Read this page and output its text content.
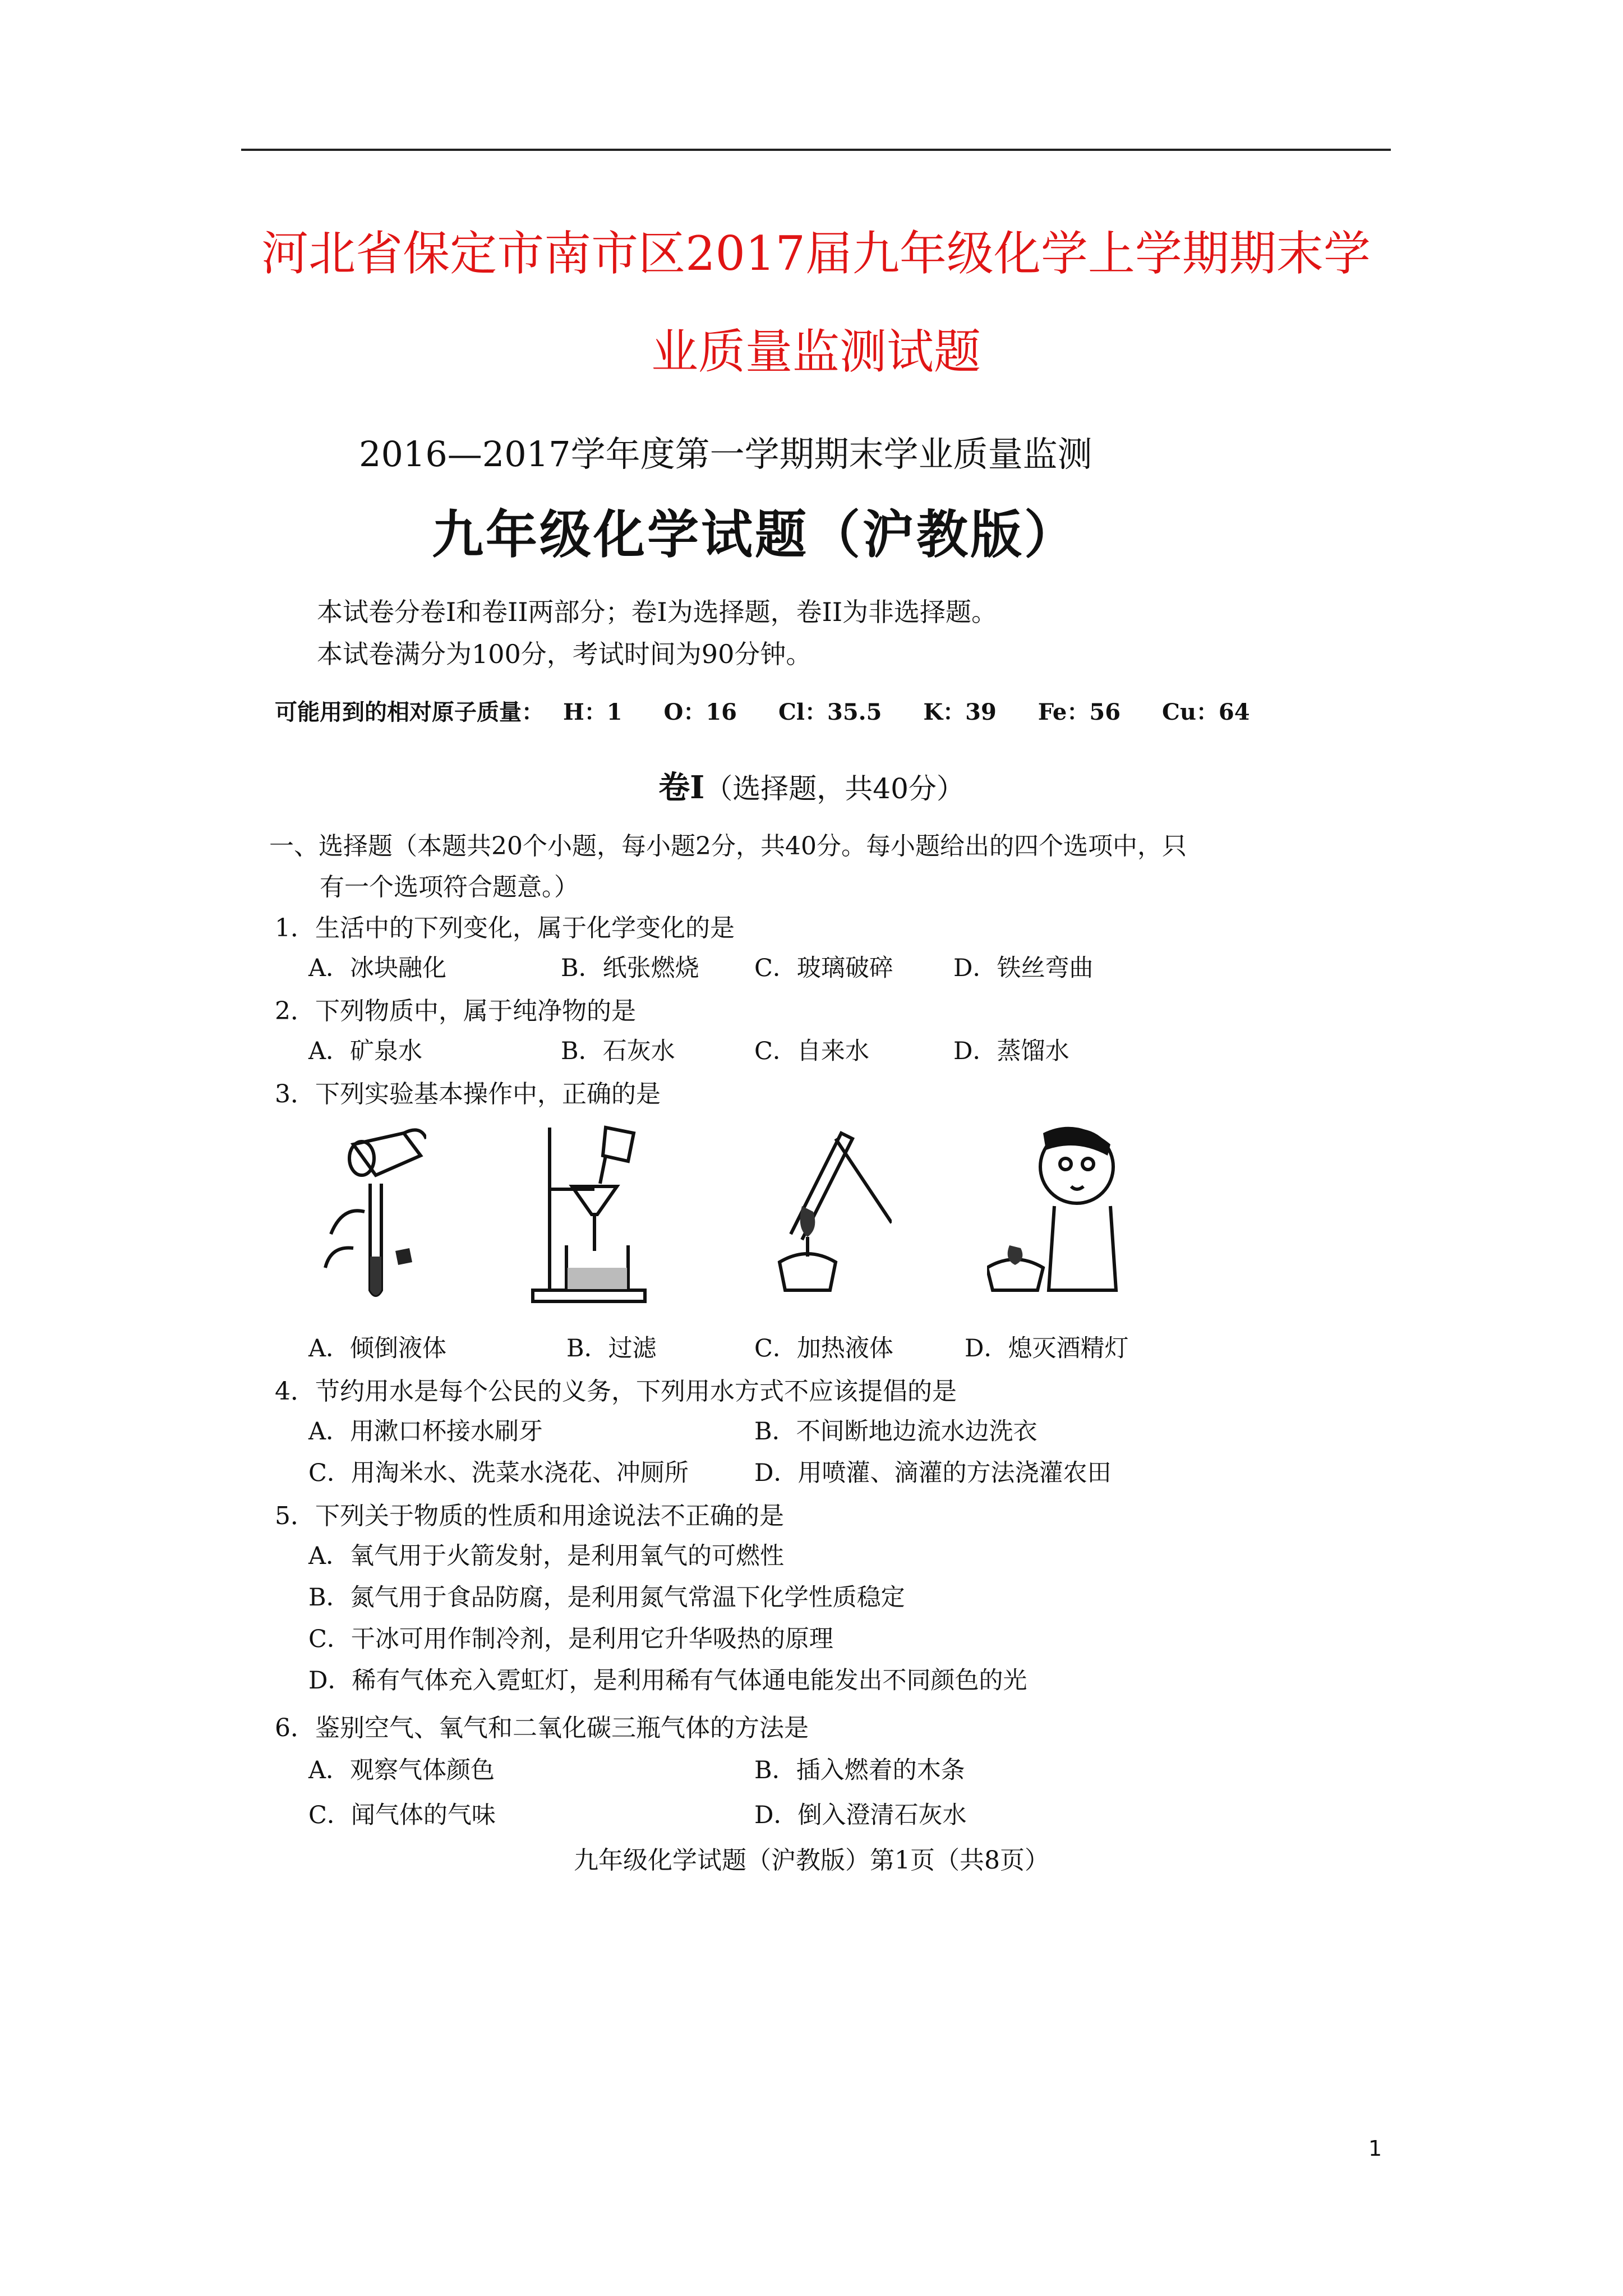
河北省保定市南市区2017届九年级化学上学期期末学业质量监测试题
2016—2017学年度第一学期期末学业质量监测
九年级化学试题（沪教版）
本试卷分卷I和卷II两部分；卷I为选择题，卷II为非选择题。
本试卷满分为100分，考试时间为90分钟。
可能用到的相对原子质量： H：1 O：16 Cl：35.5 K：39 Fe：56 Cu：64
卷I（选择题，共40分）
一、选择题（本题共20个小题，每小题2分，共40分。每小题给出的四个选项中，只
有一个选项符合题意。）
1．生活中的下列变化，属于化学变化的是
A．冰块融化	B．纸张燃烧 C．玻璃破碎 D．铁丝弯曲
2．下列物质中，属于纯净物的是
A．矿泉水	B．石灰水	C．自来水	D．蒸馏水
3．下列实验基本操作中，正确的是
A．倾倒液体	B．过滤	C．加热液体	D．熄灭酒精灯
4．节约用水是每个公民的义务，下列用水方式不应该提倡的是
A．用漱口杯接水刷牙	B．不间断地边流水边洗衣
C．用淘米水、洗菜水浇花、冲厕所	D．用喷灌、滴灌的方法浇灌农田
5．下列关于物质的性质和用途说法不正确的是
A．氧气用于火箭发射，是利用氧气的可燃性
B．氮气用于食品防腐，是利用氮气常温下化学性质稳定
C．干冰可用作制冷剂，是利用它升华吸热的原理
D．稀有气体充入霓虹灯，是利用稀有气体通电能发出不同颜色的光
6．鉴别空气、氧气和二氧化碳三瓶气体的方法是
A．观察气体颜色	B．插入燃着的木条
C．闻气体的气味	D．倒入澄清石灰水
九年级化学试题（沪教版）第1页（共8页）
1
